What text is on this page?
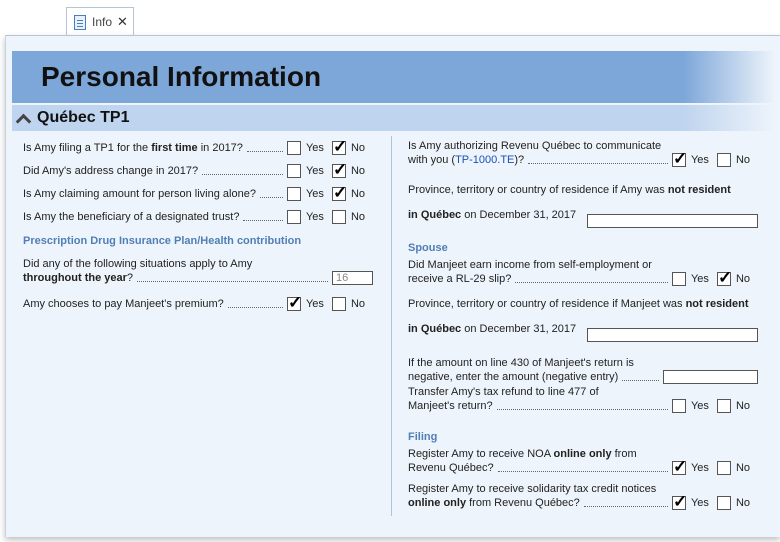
Info ✕
Personal Information
Québec TP1
Is Amy filing a TP1 for the first time in 2017?	Yes ✓ No
Did Amy's address change in 2017?	Yes ✓ No
Is Amy claiming amount for person living alone?	Yes ✓ No
Is Amy the beneficiary of a designated trust?	Yes No
Prescription Drug Insurance Plan/Health contribution
Did any of the following situations apply to Amy
throughout the year?	16
Amy chooses to pay Manjeet's premium? ✓	Yes No
Is Amy authorizing Revenu Québec to communicate
with you (TP-1000.TE)? ✓	Yes No
Province, territory or country of residence if Amy was not resident
in Québec on December 31, 2017
Spouse
Did Manjeet earn income from self-employment or
receive a RL-29 slip?	Yes ✓ No
Province, territory or country of residence if Manjeet was not resident
in Québec on December 31, 2017
If the amount on line 430 of Manjeet's return is
negative, enter the amount (negative entry)
Transfer Amy's tax refund to line 477 of
Manjeet's return?	Yes No
Filing
Register Amy to receive NOA online only from
Revenu Québec? ✓	Yes No
Register Amy to receive solidarity tax credit notices
online only from Revenu Québec? ✓	Yes No
